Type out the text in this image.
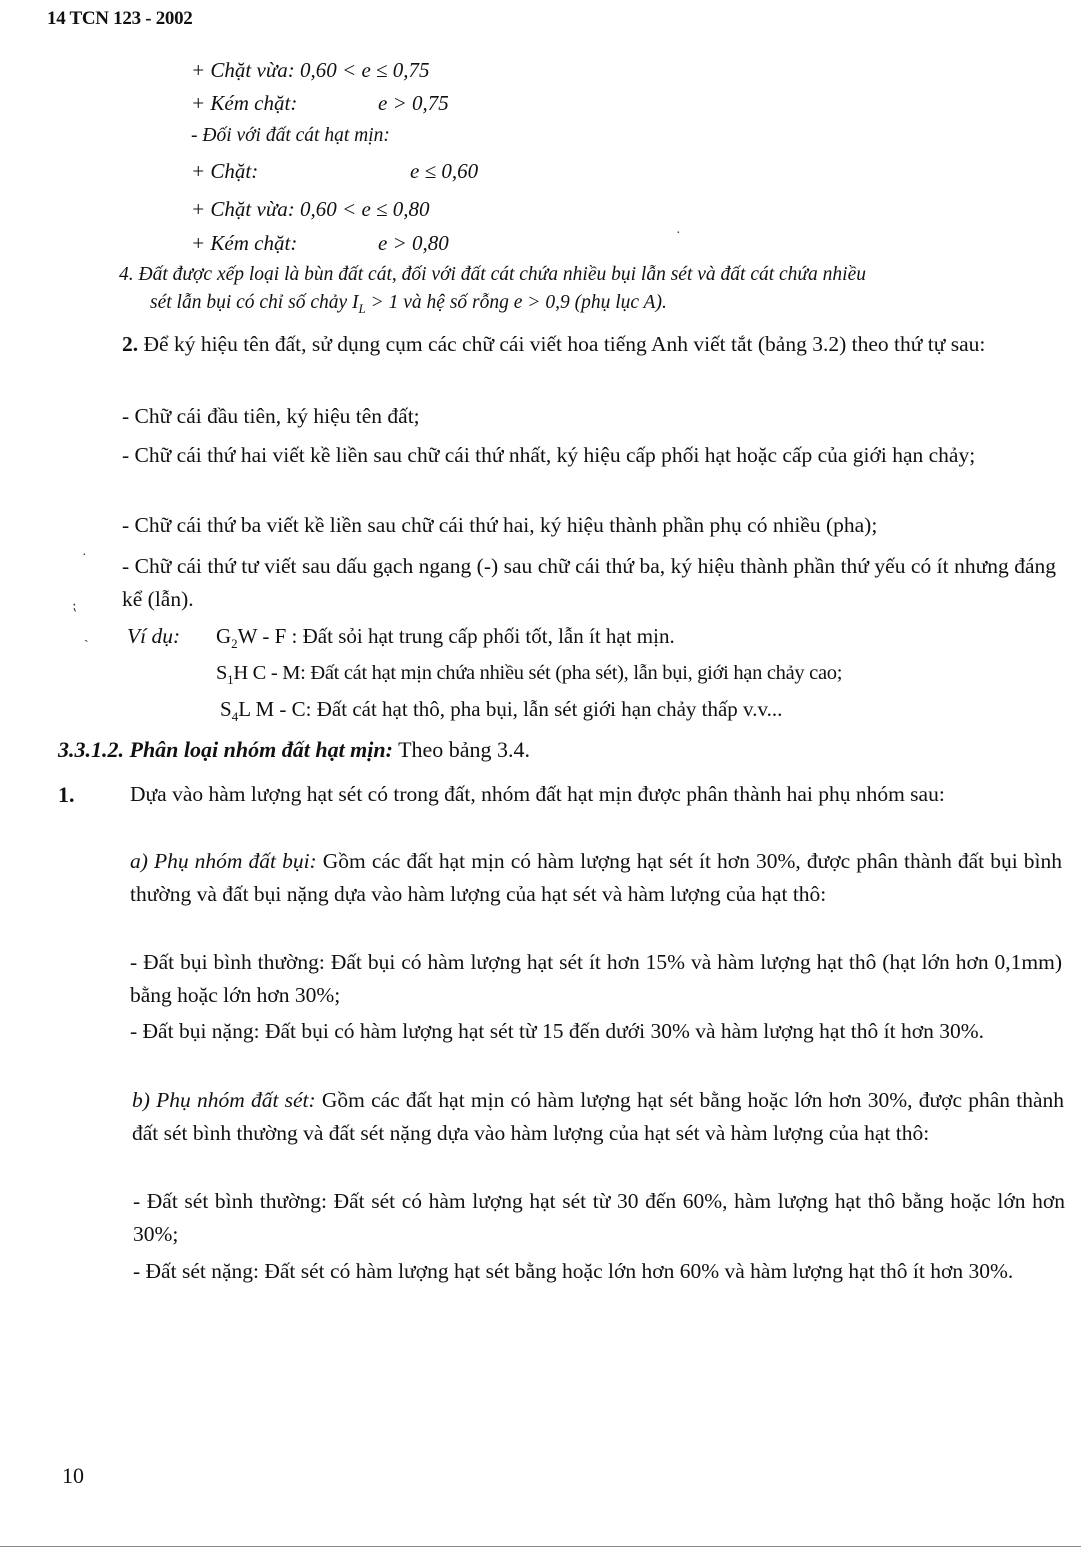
14 TCN 123 - 2002
+ Chặt vừa: 0,60 < e ≤ 0,75
+ Kém chặt:	e > 0,75
- Đối với đất cát hạt mịn:
+ Chặt:	e ≤ 0,60
+ Chặt vừa: 0,60 < e ≤ 0,80
+ Kém chặt:	e > 0,80
4. Đất được xếp loại là bùn đất cát, đối với đất cát chứa nhiều bụi lẫn sét và đất cát chứa nhiều
sét lẫn bụi có chỉ số chảy $I_L > 1$ và hệ số rỗng e > 0,9 (phụ lục A).
2. Để ký hiệu tên đất, sử dụng cụm các chữ cái viết hoa tiếng Anh viết tắt (bảng 3.2) theo thứ tự sau:
- Chữ cái đầu tiên, ký hiệu tên đất;
- Chữ cái thứ hai viết kề liền sau chữ cái thứ nhất, ký hiệu cấp phối hạt hoặc cấp của giới hạn chảy;
- Chữ cái thứ ba viết kề liền sau chữ cái thứ hai, ký hiệu thành phần phụ có nhiều (pha);
- Chữ cái thứ tư viết sau dấu gạch ngang (-) sau chữ cái thứ ba, ký hiệu thành phần thứ yếu có ít nhưng đáng kể (lẫn).
Ví dụ: $G_2W$ - F : Đất sỏi hạt trung cấp phối tốt, lẫn ít hạt mịn.
$S_1H$ C - M: Đất cát hạt mịn chứa nhiều sét (pha sét), lẫn bụi, giới hạn chảy cao;
$S_4L$ M - C: Đất cát hạt thô, pha bụi, lẫn sét giới hạn chảy thấp v.v...
3.3.1.2. Phân loại nhóm đất hạt mịn: Theo bảng 3.4.
1.	Dựa vào hàm lượng hạt sét có trong đất, nhóm đất hạt mịn được phân thành hai phụ nhóm sau:
a) Phụ nhóm đất bụi: Gồm các đất hạt mịn có hàm lượng hạt sét ít hơn 30%, được phân thành đất bụi bình thường và đất bụi nặng dựa vào hàm lượng của hạt sét và hàm lượng của hạt thô:
- Đất bụi bình thường: Đất bụi có hàm lượng hạt sét ít hơn 15% và hàm lượng hạt thô (hạt lớn hơn 0,1mm) bằng hoặc lớn hơn 30%;
- Đất bụi nặng: Đất bụi có hàm lượng hạt sét từ 15 đến dưới 30% và hàm lượng hạt thô ít hơn 30%.
b) Phụ nhóm đất sét: Gồm các đất hạt mịn có hàm lượng hạt sét bằng hoặc lớn hơn 30%, được phân thành đất sét bình thường và đất sét nặng dựa vào hàm lượng của hạt sét và hàm lượng của hạt thô:
- Đất sét bình thường: Đất sét có hàm lượng hạt sét từ 30 đến 60%, hàm lượng hạt thô bằng hoặc lớn hơn 30%;
- Đất sét nặng: Đất sét có hàm lượng hạt sét bằng hoặc lớn hơn 60% và hàm lượng hạt thô ít hơn 30%.
·
⁏
ˎ
·
10
